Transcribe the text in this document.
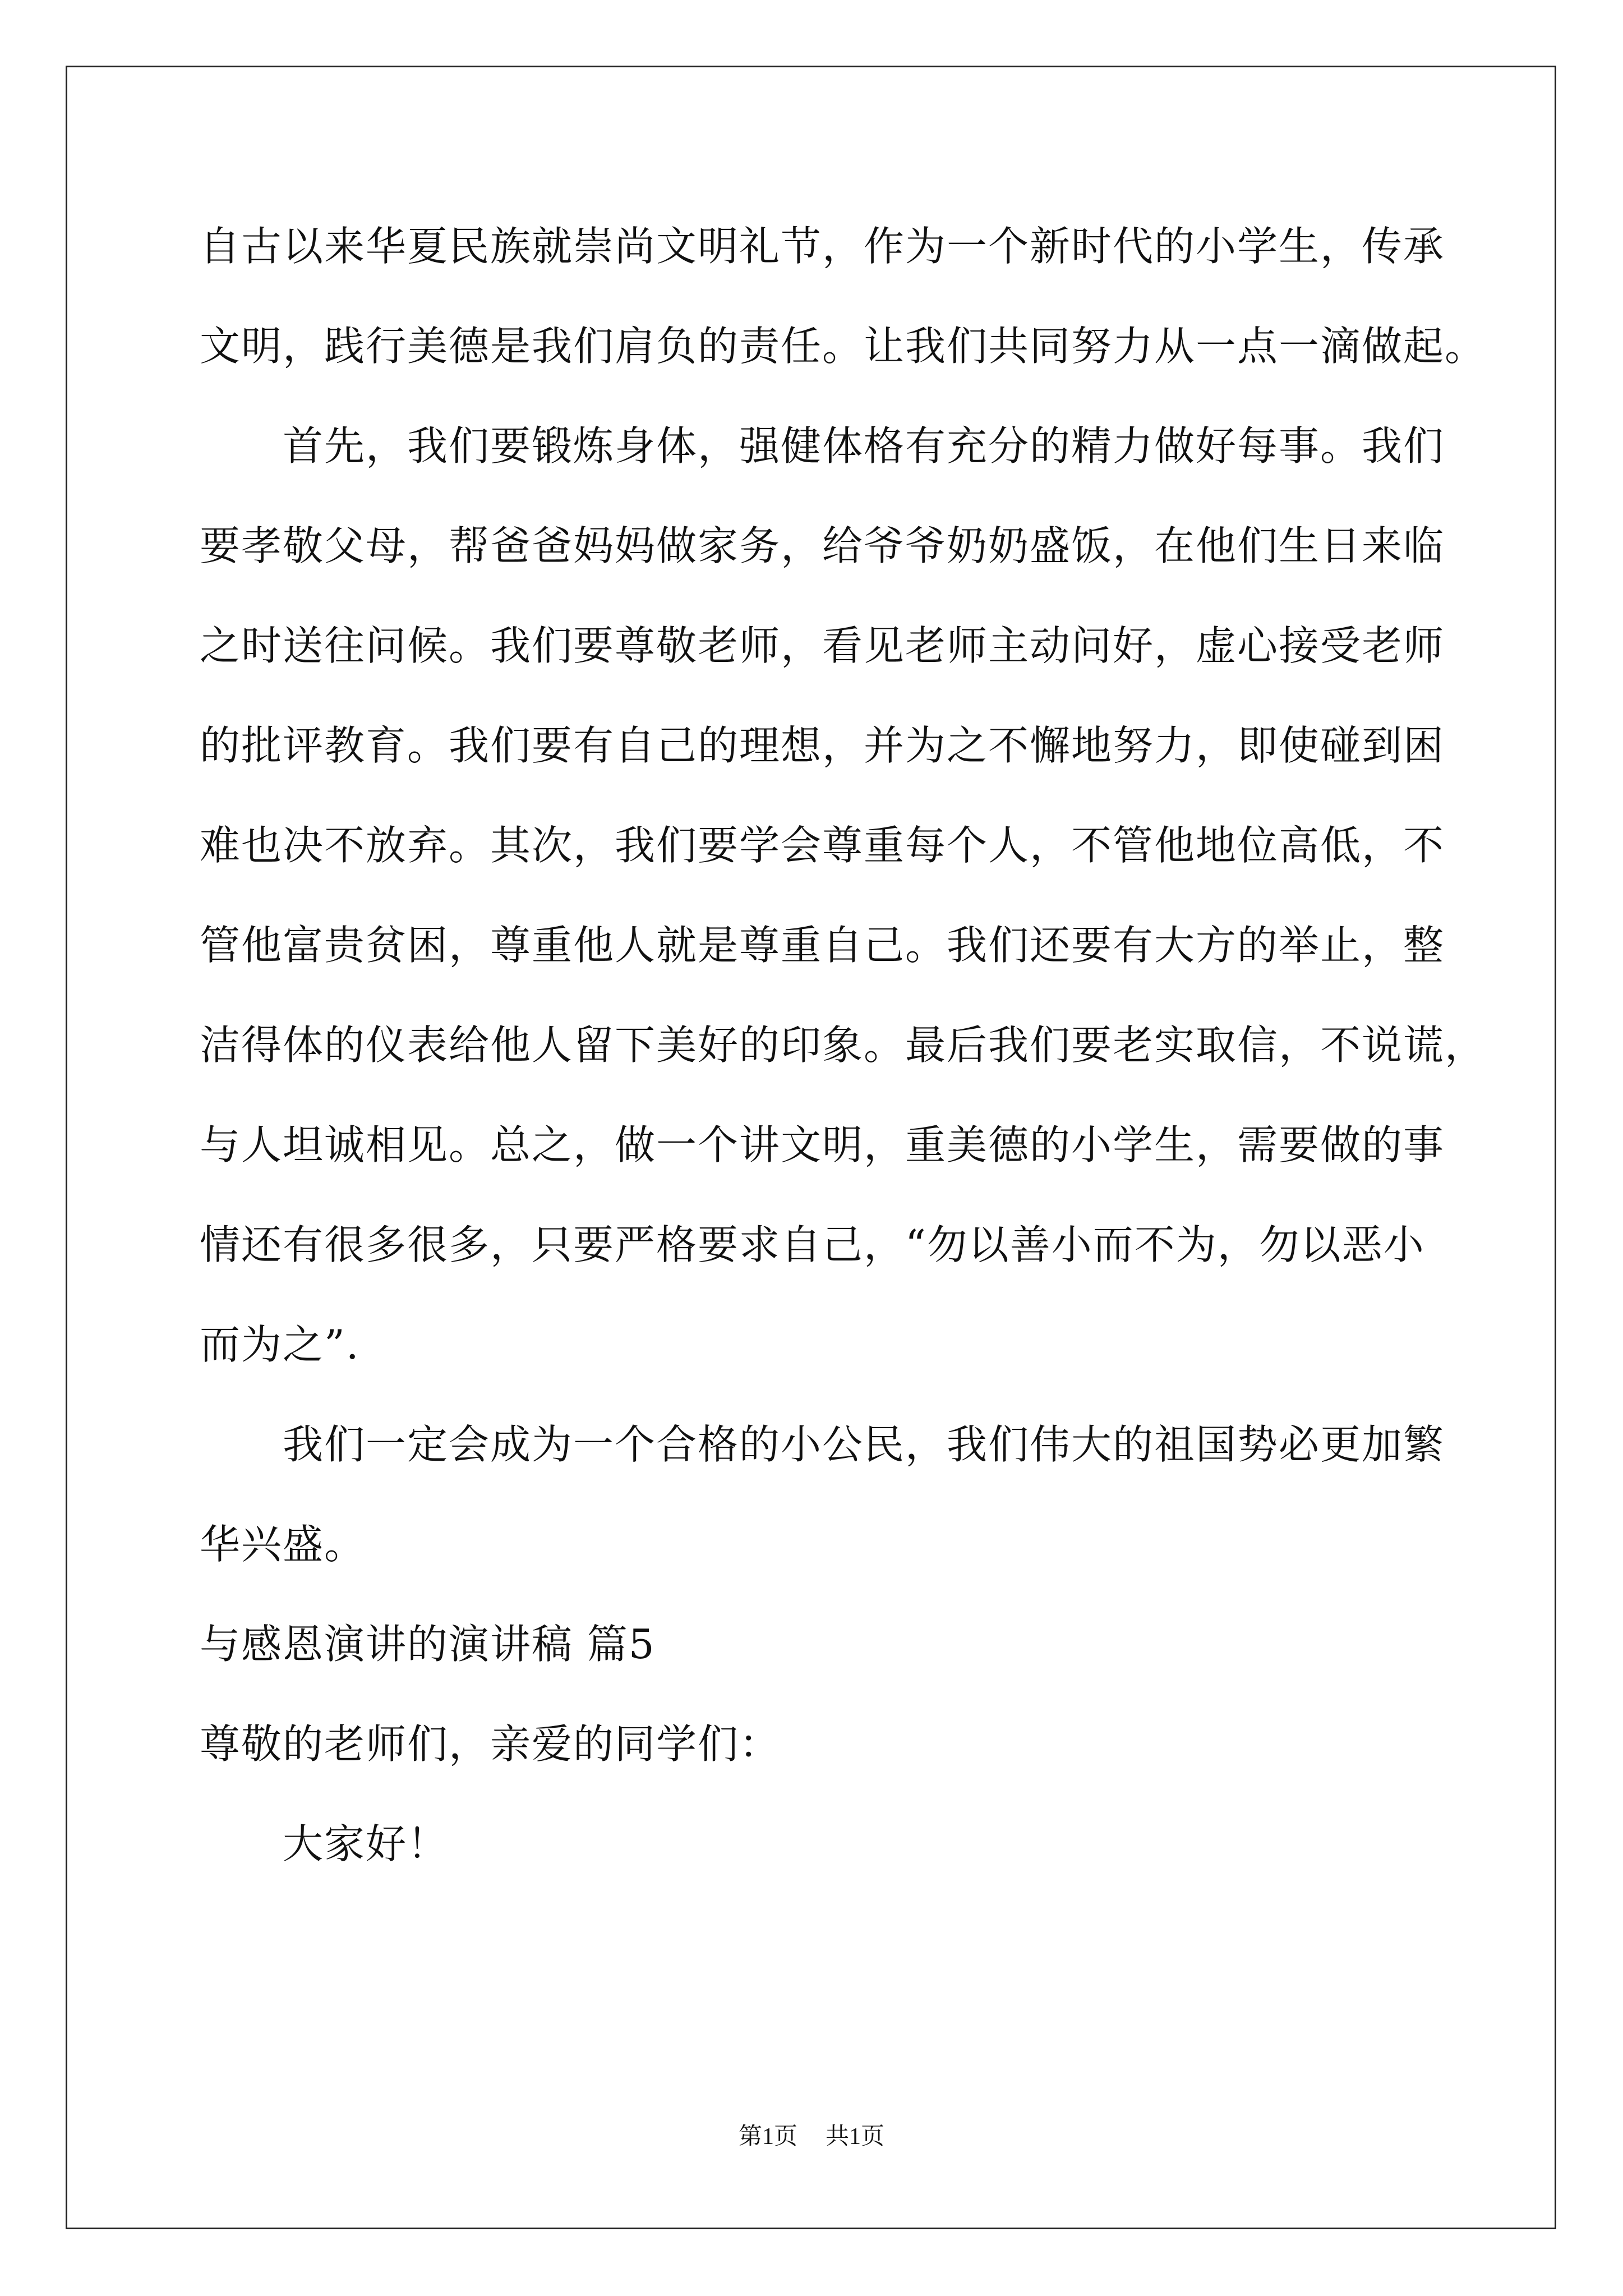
自古以来华夏民族就崇尚文明礼节，作为一个新时代的小学生，传承
文明，践行美德是我们肩负的责任。让我们共同努力从一点一滴做起。
首先，我们要锻炼身体，强健体格有充分的精力做好每事。我们
要孝敬父母，帮爸爸妈妈做家务，给爷爷奶奶盛饭，在他们生日来临
之时送往问候。我们要尊敬老师，看见老师主动问好，虚心接受老师
的批评教育。我们要有自己的理想，并为之不懈地努力，即使碰到困
难也决不放弃。其次，我们要学会尊重每个人，不管他地位高低，不
管他富贵贫困，尊重他人就是尊重自己。我们还要有大方的举止，整
洁得体的仪表给他人留下美好的印象。最后我们要老实取信，不说谎，
与人坦诚相见。总之，做一个讲文明，重美德的小学生，需要做的事
情还有很多很多，只要严格要求自己，“勿以善小而不为，勿以恶小
而为之”.
我们一定会成为一个合格的小公民，我们伟大的祖国势必更加繁
华兴盛。
与感恩演讲的演讲稿 篇5
尊敬的老师们，亲爱的同学们：
大家好！
第1页 共1页
